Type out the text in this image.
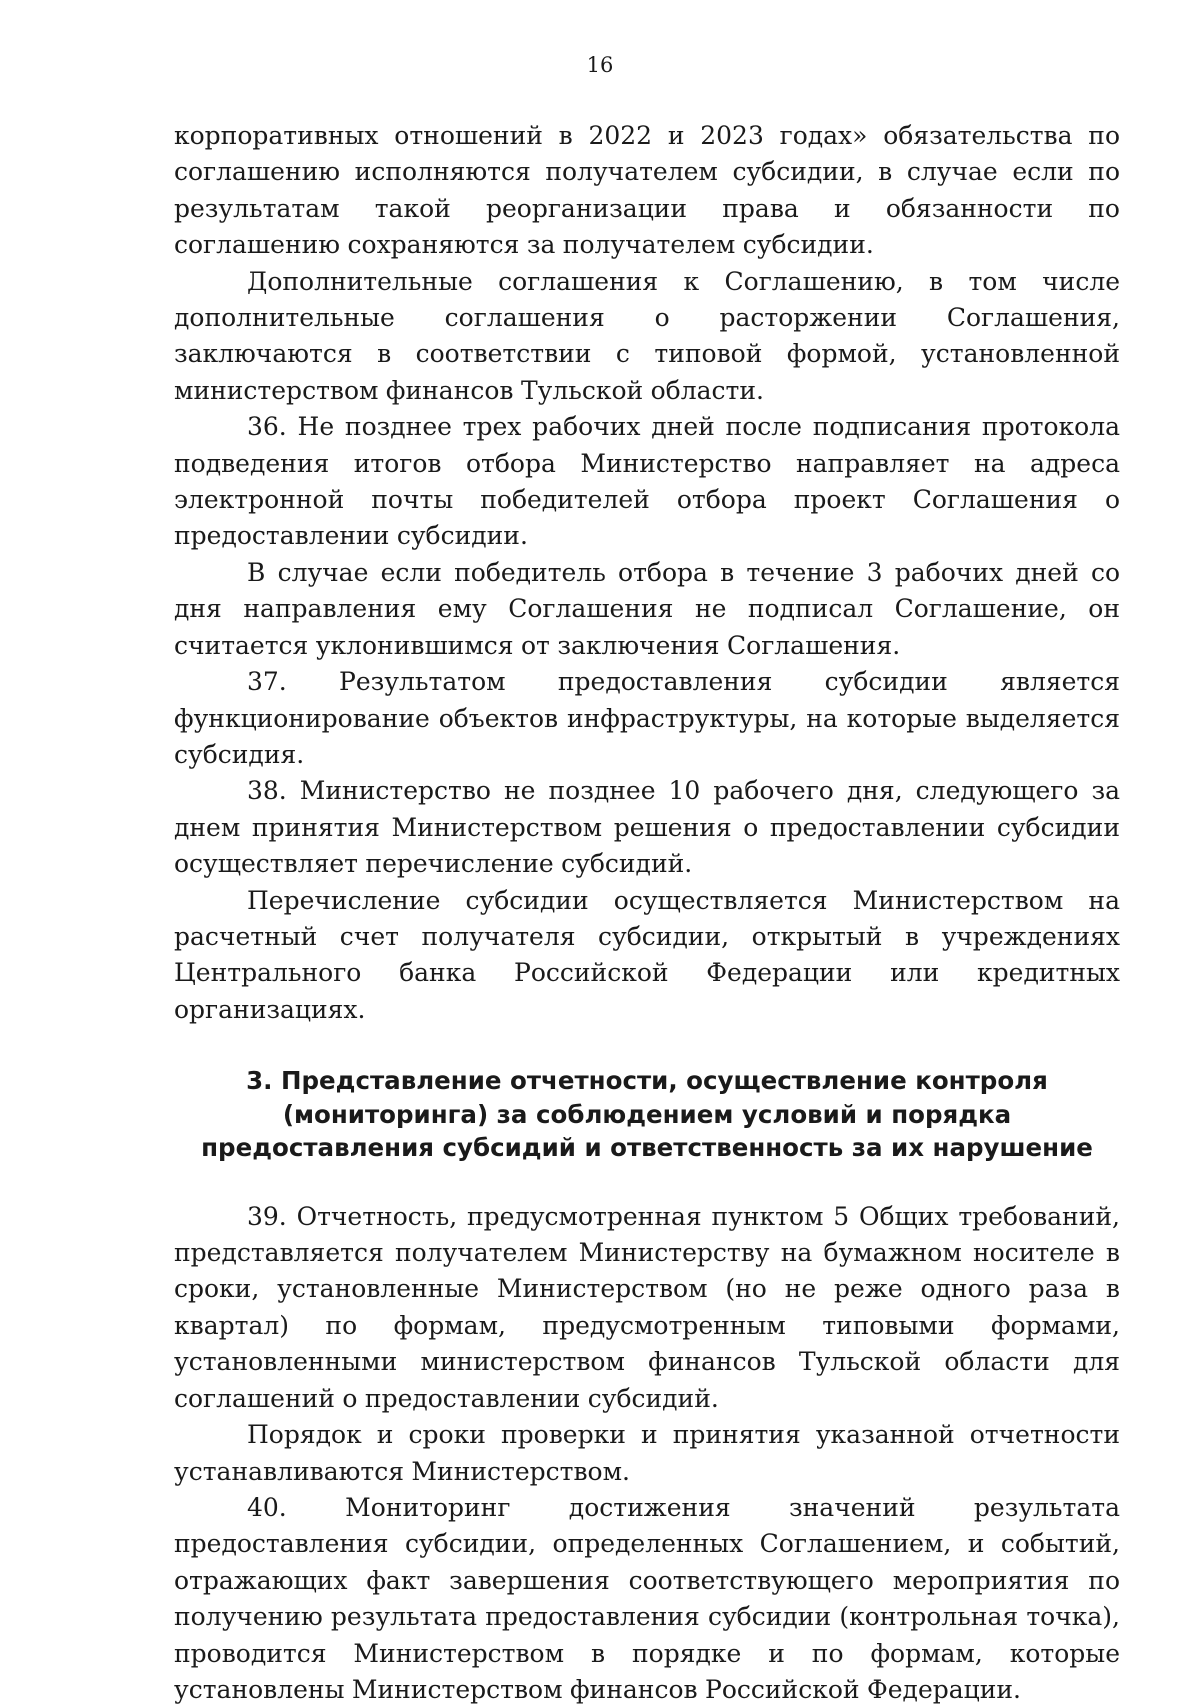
16

корпоративных отношений в 2022 и 2023 годах» обязательства по соглашению исполняются получателем субсидии, в случае если по результатам такой реорганизации права и обязанности по соглашению сохраняются за получателем субсидии.

Дополнительные соглашения к Соглашению, в том числе дополнительные соглашения о расторжении Соглашения, заключаются в соответствии с типовой формой, установленной министерством финансов Тульской области.

36. Не позднее трех рабочих дней после подписания протокола подведения итогов отбора Министерство направляет на адреса электронной почты победителей отбора проект Соглашения о предоставлении субсидии.

В случае если победитель отбора в течение 3 рабочих дней со дня направления ему Соглашения не подписал Соглашение, он считается уклонившимся от заключения Соглашения.

37. Результатом предоставления субсидии является функционирование объектов инфраструктуры, на которые выделяется субсидия.

38. Министерство не позднее 10 рабочего дня, следующего за днем принятия Министерством решения о предоставлении субсидии осуществляет перечисление субсидий.

Перечисление субсидии осуществляется Министерством на расчетный счет получателя субсидии, открытый в учреждениях Центрального банка Российской Федерации или кредитных организациях.

3. Представление отчетности, осуществление контроля
(мониторинга) за соблюдением условий и порядка
предоставления субсидий и ответственность за их нарушение

39. Отчетность, предусмотренная пунктом 5 Общих требований, представляется получателем Министерству на бумажном носителе в сроки, установленные Министерством (но не реже одного раза в квартал) по формам, предусмотренным типовыми формами, установленными министерством финансов Тульской области для соглашений о предоставлении субсидий.

Порядок и сроки проверки и принятия указанной отчетности устанавливаются Министерством.

40. Мониторинг достижения значений результата предоставления субсидии, определенных Соглашением, и событий, отражающих факт завершения соответствующего мероприятия по получению результата предоставления субсидии (контрольная точка), проводится Министерством в порядке и по формам, которые установлены Министерством финансов Российской Федерации.
